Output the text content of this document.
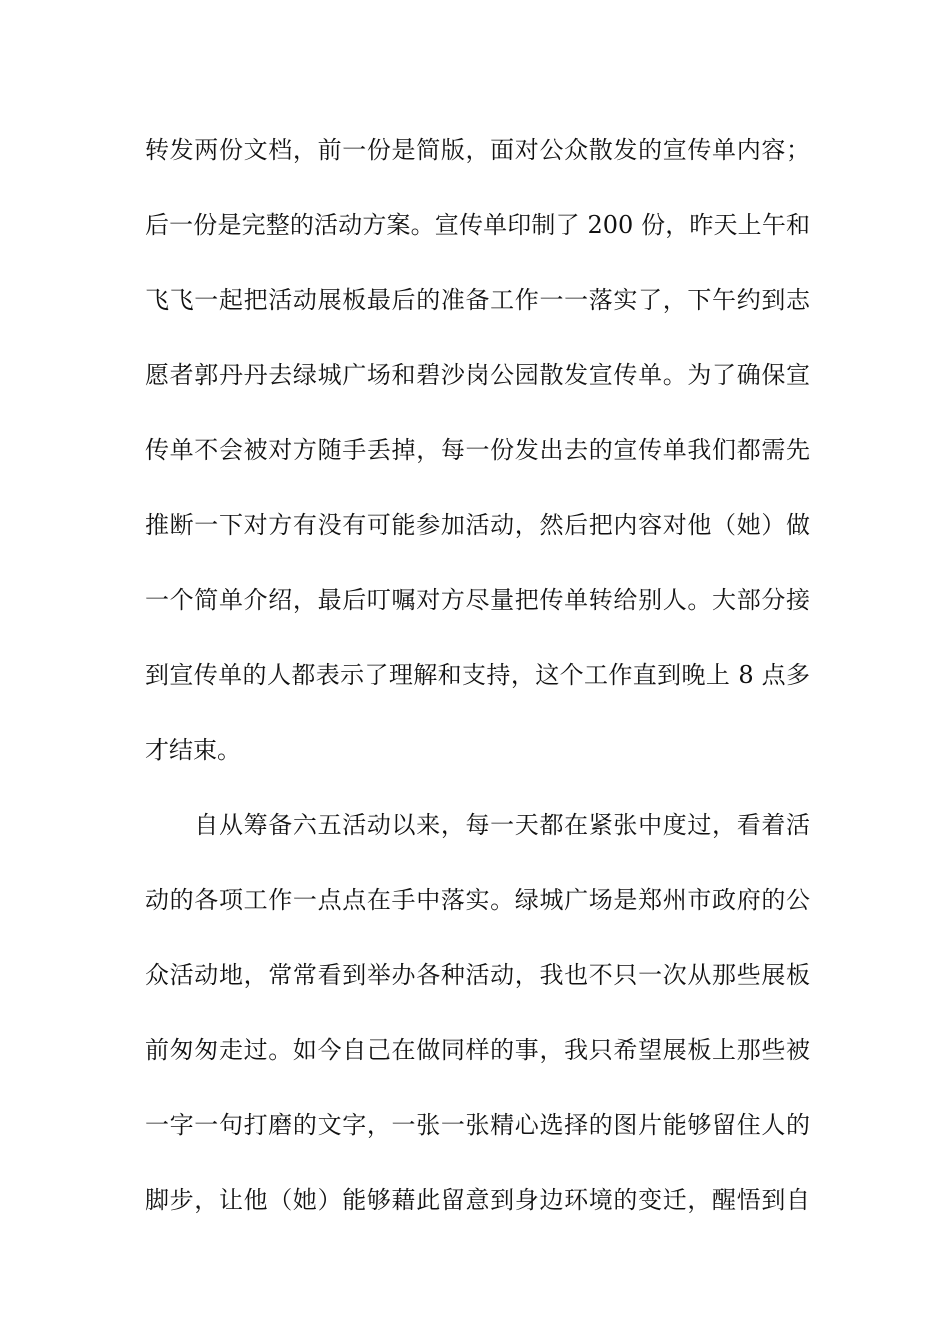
转发两份文档，前一份是简版，面对公众散发的宣传单内容；
后一份是完整的活动方案。宣传单印制了 200 份，昨天上午和
飞飞一起把活动展板最后的准备工作一一落实了，下午约到志
愿者郭丹丹去绿城广场和碧沙岗公园散发宣传单。为了确保宣
传单不会被对方随手丢掉，每一份发出去的宣传单我们都需先
推断一下对方有没有可能参加活动，然后把内容对他（她）做
一个简单介绍，最后叮嘱对方尽量把传单转给别人。大部分接
到宣传单的人都表示了理解和支持，这个工作直到晚上 8 点多
才结束。
　　自从筹备六五活动以来，每一天都在紧张中度过，看着活
动的各项工作一点点在手中落实。绿城广场是郑州市政府的公
众活动地，常常看到举办各种活动，我也不只一次从那些展板
前匆匆走过。如今自己在做同样的事，我只希望展板上那些被
一字一句打磨的文字，一张一张精心选择的图片能够留住人的
脚步，让他（她）能够藉此留意到身边环境的变迁，醒悟到自
